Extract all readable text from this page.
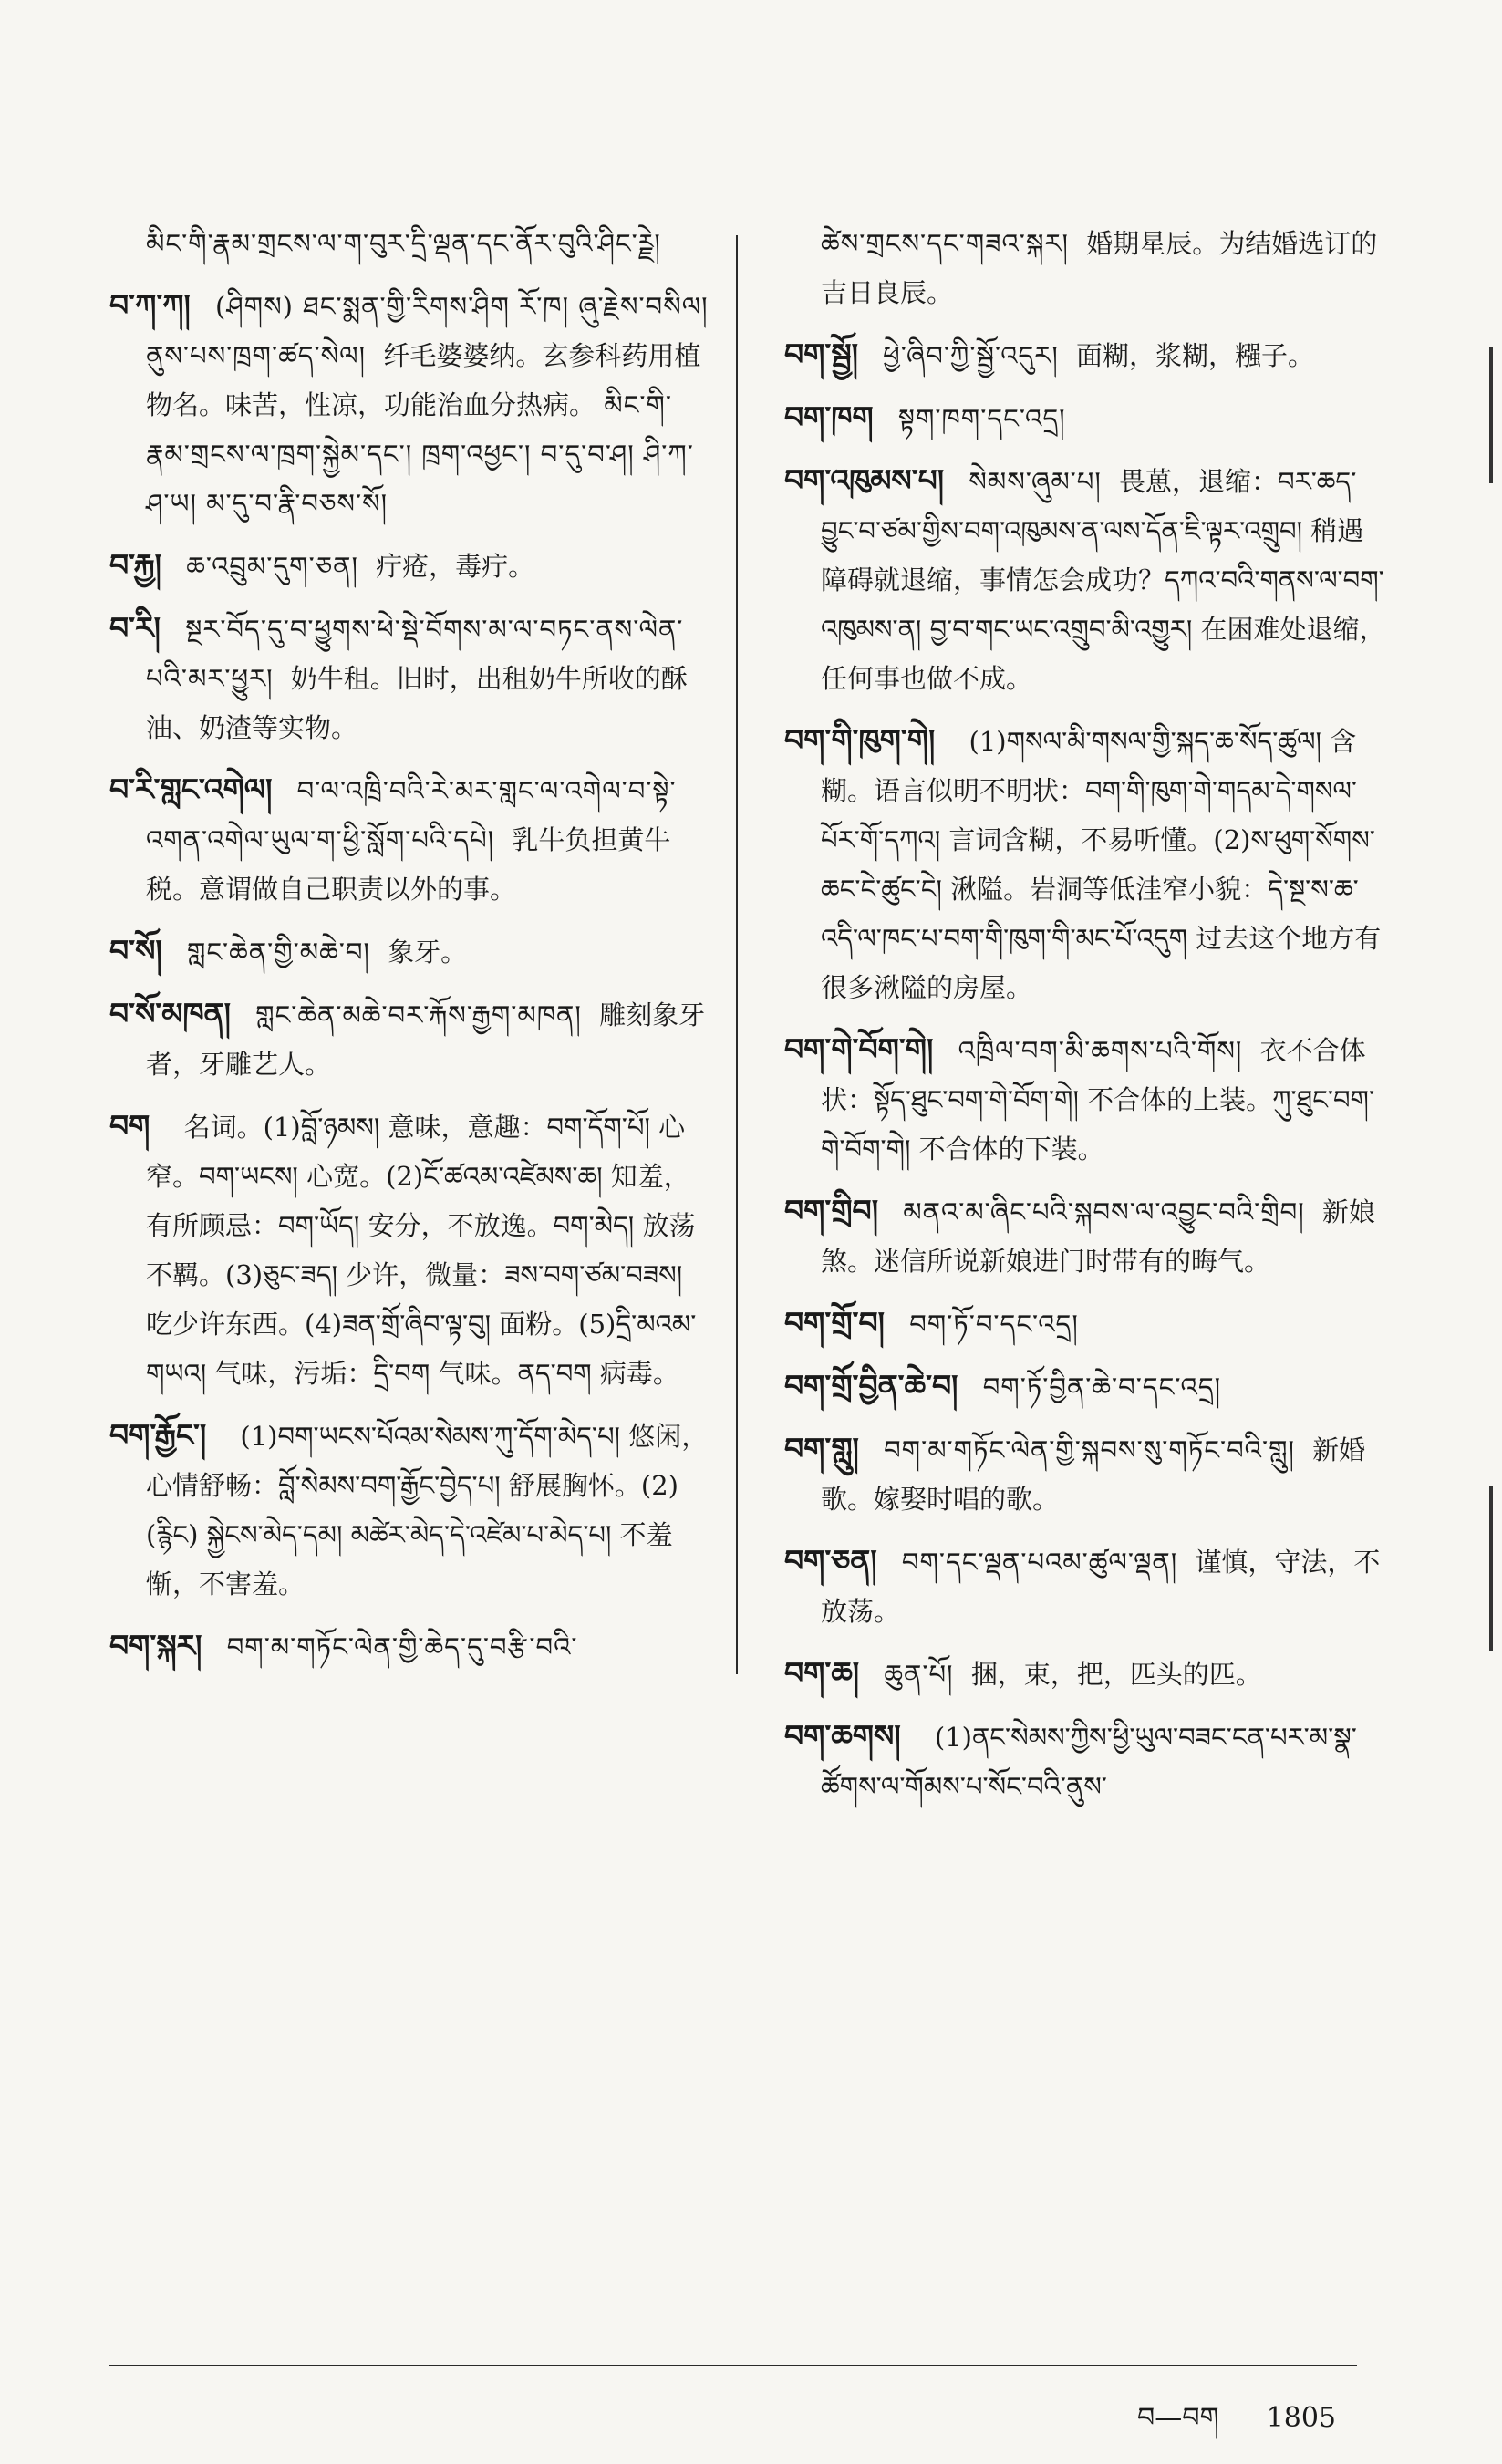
མིང་གི་རྣམ་གྲངས་ལ་ག་བུར་དྲི་ལྡན་དང་ནོར་བུའི་ཤིང་ཪྗེ།

བ་ཀ་ཀ། (ཤིགས) ཐང་སྨན་གྱི་རིགས་ཤིག རོ་ཁ། ཞུ་རྗེས་བསིལ། ནུས་པས་ཁྲག་ཚད་སེལ། 纤毛婆婆纳。玄参科药用植物名。味苦，性凉，功能治血分热病。 མིང་གི་རྣམ་གྲངས་ལ་ཁྲག་སྐྱེམ་དང་། ཁྲག་འཕྱང་། བ་དུ་བ་ཤ། ཤི་ཀ་ཤ་ཡ། མ་དུ་བ་རྣི་བཅས་སོ།

བ་རྐྱ། ཆ་འབྲུམ་དུག་ཅན། 疔疮，毒疔。

བ་རི། སྔར་བོད་དུ་བ་ཕྱུགས་ཕེ་སྡེ་བོགས་མ་ལ་བཏང་ནས་ལེན་པའི་མར་ཕྱུར། 奶牛租。旧时，出租奶牛所收的酥油、奶渣等实物。

བ་རི་གླང་འགེལ། བ་ལ་འཁྲི་བའི་རེ་མར་གླང་ལ་འགེལ་བ་སྟེ་འགན་འགེལ་ཡུལ་ག་ཕྱི་སློག་པའི་དཔེ། 乳牛负担黄牛税。意谓做自己职责以外的事。

བ་སོ། གླང་ཆེན་གྱི་མཆེ་བ། 象牙。

བ་སོ་མཁན། གླང་ཆེན་མཆེ་བར་རྐོས་རྒྱག་མཁན། 雕刻象牙者，牙雕艺人。

བག 名词。(1)བློ་ཉམས། 意味，意趣：བག་དོག་པོ། 心窄。བག་ཡངས། 心宽。(2)ངོ་ཚའམ་འཛེམས་ཆ། 知羞，有所顾忌：བག་ཡོད། 安分，不放逸。བག་མེད། 放荡不羁。(3)ཅུང་ཟད། 少许，微量：ཟས་བག་ཙམ་བཟས། 吃少许东西。(4)ཟན་གྲོ་ཞིབ་ལྟ་བུ། 面粉。(5)དྲི་མའམ་གཡའ། 气味，污垢：དྲི་བག 气味。ནད་བག 病毒。

བག་རྒྱོང་། (1)བག་ཡངས་པོའམ་སེམས་ཀུ་དོག་མེད་པ། 悠闲，心情舒畅：བློ་སེམས་བག་རྒྱོང་བྱེད་པ། 舒展胸怀。(2)(རྙིང) སྐྱེངས་མེད་དམ། མཚེར་མེད་དེ་འཛེམ་པ་མེད་པ། 不羞惭，不害羞。

བག་སྐར། བག་མ་གཏོང་ལེན་གྱི་ཆེད་དུ་བརྩི་བའི་

ཚེས་གྲངས་དང་གཟའ་སྐར། 婚期星辰。为结婚选订的吉日良辰。

བག་སྦྱོ། ཕྱེ་ཞིབ་ཀྱི་སྦྱོ་འདུར། 面糊，浆糊，糨子。

བག་ཁག སྟག་ཁག་དང་འདྲ།

བག་འཁུམས་པ། སེམས་ཞུམ་པ། 畏葸，退缩：བར་ཆད་བྱུང་བ་ཙམ་གྱིས་བག་འཁུམས་ན་ལས་དོན་ཇི་ལྟར་འགྲུབ། 稍遇障碍就退缩，事情怎会成功？དཀའ་བའི་གནས་ལ་བག་འཁུམས་ན། བྱ་བ་གང་ཡང་འགྲུབ་མི་འགྱུར། 在困难处退缩，任何事也做不成。

བག་གི་ཁུག་གེ། (1)གསལ་མི་གསལ་གྱི་སྐད་ཆ་སོད་ཚུལ། 含糊。语言似明不明状：བག་གི་ཁུག་གེ་གདམ་དེ་གསལ་པོར་གོ་དཀའ། 言词含糊，不易听懂。(2)ས་ཕུག་སོགས་ཆང་ངེ་ཚུང་ངེ། 湫隘。岩洞等低洼窄小貌：དེ་སྔ་ས་ཆ་འདི་ལ་ཁང་པ་བག་གི་ཁུག་གི་མང་པོ་འདུག 过去这个地方有很多湫隘的房屋。

བག་གེ་བོག་གེ། འཁྲིལ་བག་མི་ཆགས་པའི་གོས། 衣不合体状：སྟོད་ཐུང་བག་གེ་བོག་གེ། 不合体的上装。ཀུ་ཐུང་བག་གེ་བོག་གེ། 不合体的下装。

བག་གྲིབ། མནའ་མ་ཞིང་པའི་སྐབས་ལ་འབྱུང་བའི་གྲིབ། 新娘煞。迷信所说新娘进门时带有的晦气。

བག་གྲོ་བ། བག་ཏོ་བ་དང་འདྲ།

བག་གྲོ་བྱིན་ཆེ་བ། བག་ཏོ་བྱིན་ཆེ་བ་དང་འདྲ།

བག་གླུ། བག་མ་གཏོང་ལེན་གྱི་སྐབས་སུ་གཏོང་བའི་གླུ། 新婚歌。嫁娶时唱的歌。

བག་ཅན། བག་དང་ལྡན་པའམ་ཚུལ་ལྡན། 谨慎，守法，不放荡。

བག་ཆ། ཆུན་པོ། 捆，束，把，匹头的匹。

བག་ཆགས། (1)ནང་སེམས་ཀྱིས་ཕྱི་ཡུལ་བཟང་ངན་པར་མ་སྣ་ཚོགས་ལ་གོམས་པ་སོང་བའི་ནུས་

བ—བག 1805
